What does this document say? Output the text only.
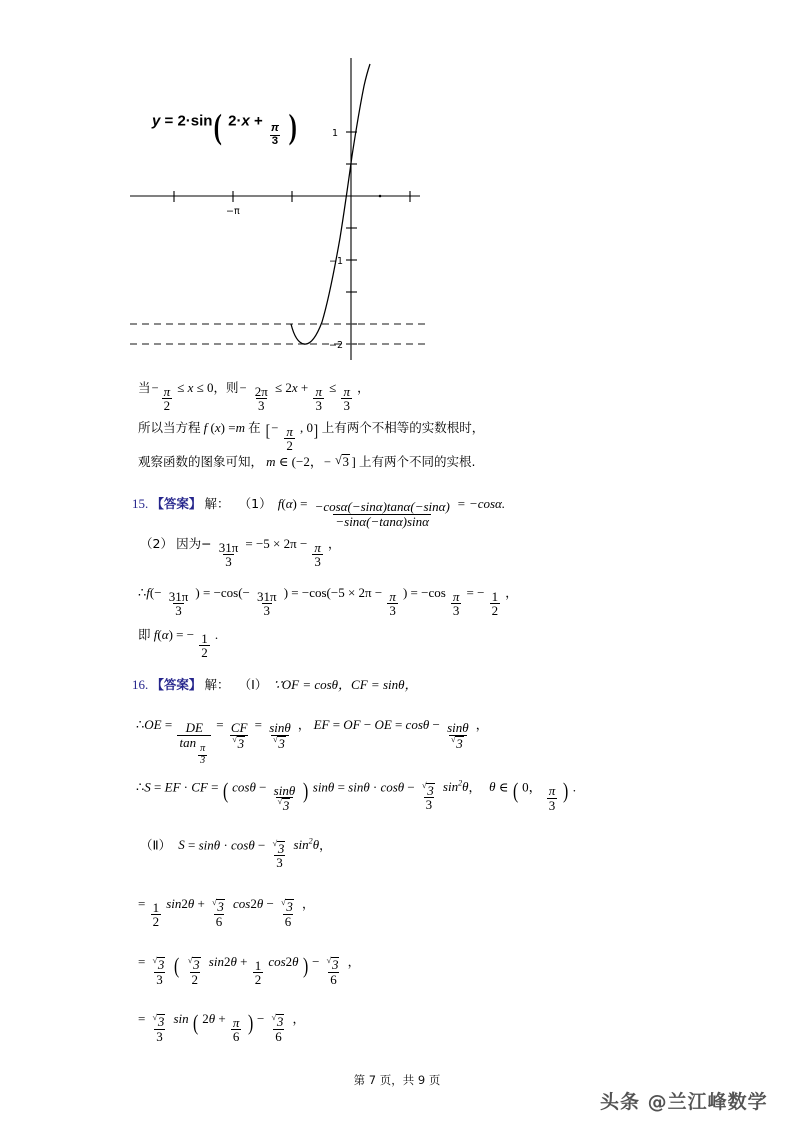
−π
1
−1
−2
y = 2·sin( 2·x +
$\frac{\pi}{3}$ )
当− $\frac{\pi}{2} \le x \le 0$，则− $\frac{2\pi}{3} \le 2x + \frac{\pi}{3} \le \frac{\pi}{3}$ ，
所以当方程 f (x) =m 在 [ − $\frac{\pi}{2}$ , 0] 上有两个不相等的实数根时，
观察函数的图象可知， m ∈ (−2，− √ 3 ] 上有两个不同的实根.
15. 【答案】 解： （1） $f(\alpha) = \frac{-\cos\alpha(-\sin\alpha)\tan\alpha(-\sin\alpha)}{-\sin\alpha(-\tan\alpha)\sin\alpha} = -\cos\alpha$.
（2） 因为− $\frac{31\pi}{3} = -5 \times 2\pi - \frac{\pi}{3}$ ，
∴f(− $\frac{31\pi}{3}$ ) = $-\cos(- \frac{31\pi}{3}$ ) = $-\cos(-5 \times 2\pi - \frac{\pi}{3}$ ) = $-\cos \frac{\pi}{3}$ = − $\frac{1}{2}$ ，
即 f(α) = − $\frac{1}{2}$ .
16. 【答案】 解： （Ⅰ） ∵OF = cosθ，CF = sinθ，
∴OE = DE
tan
$\frac{\pi}{3}$ = CF
√ 3 = sinθ
√ 3 ， EF = OF − OE = cosθ − sinθ
√ 3 ，
∴S = EF · CF = ( cosθ − sinθ
√ 3 ) sinθ = sinθ · cosθ − √ $\frac{3}{3} \sin^2\theta$， θ ∈ ( 0， $\frac{\pi}{3}$ ) .
（Ⅱ） S = sinθ · cosθ − √ $\frac{3}{3} \sin^2\theta$，
= $\frac{1}{2} \sin 2\theta$ + √ $\frac{3}{6} \cos 2\theta$ − √ $\frac{3}{6}$ ，
= √ $\frac{3}{3}$ ( √ $\frac{3}{2} \sin 2\theta + \frac{1}{2} \cos 2\theta$ ) − √ $\frac{3}{6}$ ，
= √ $\frac{3}{3}$ sin ( $2\theta + \frac{\pi}{6}$ ) − √ $\frac{3}{6}$ ，
第 7 页，共 9 页
头条 @兰江峰数学
